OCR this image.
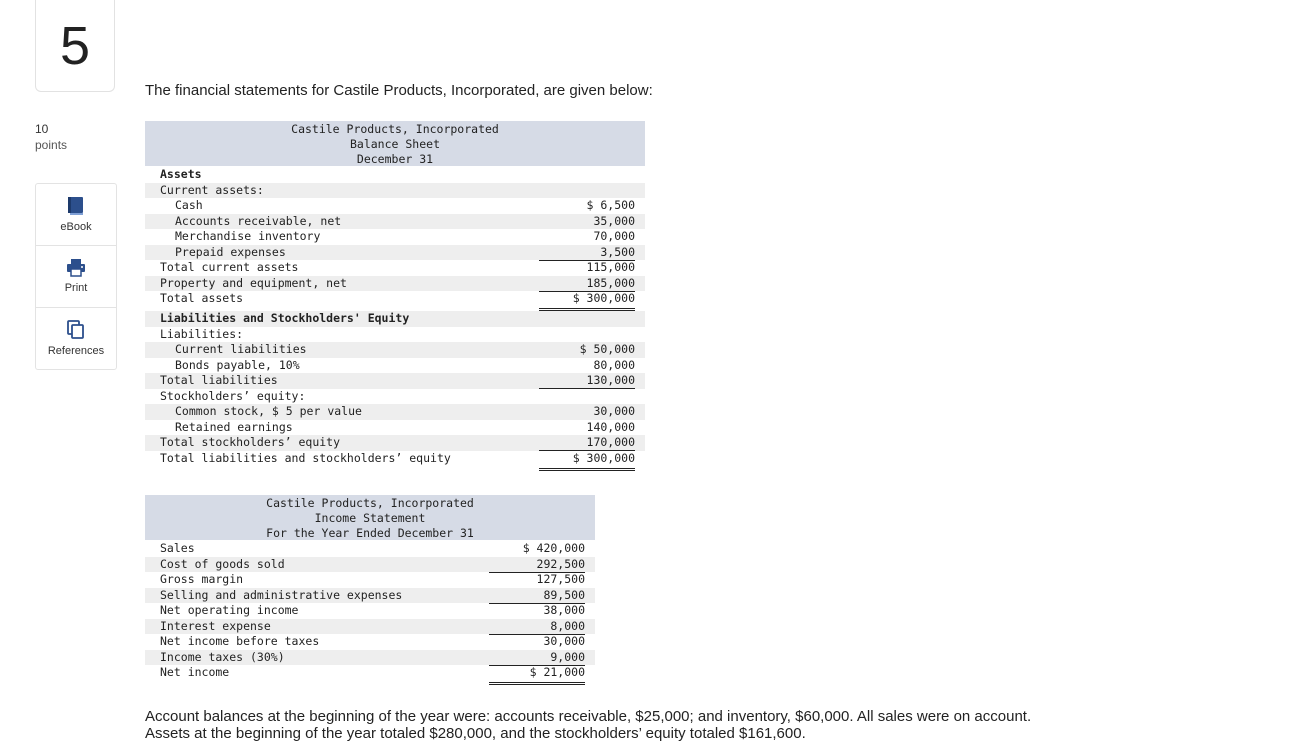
5
10
points
eBook
Print
References
The financial statements for Castile Products, Incorporated, are given below:
Castile Products, Incorporated
Balance Sheet
December 31
Assets
Current assets:
Cash	$ 6,500
Accounts receivable, net	35,000
Merchandise inventory	70,000
Prepaid expenses	3,500
Total current assets	115,000
Property and equipment, net	185,000
Total assets	$ 300,000
Liabilities and Stockholders' Equity
Liabilities:
Current liabilities	$ 50,000
Bonds payable, 10%	80,000
Total liabilities	130,000
Stockholders’ equity:
Common stock, $ 5 per value	30,000
Retained earnings	140,000
Total stockholders’ equity	170,000
Total liabilities and stockholders’ equity	$ 300,000
Castile Products, Incorporated
Income Statement
For the Year Ended December 31
Sales	$ 420,000
Cost of goods sold	292,500
Gross margin	127,500
Selling and administrative expenses	89,500
Net operating income	38,000
Interest expense	8,000
Net income before taxes	30,000
Income taxes (30%)	9,000
Net income	$ 21,000
Account balances at the beginning of the year were: accounts receivable, $25,000; and inventory, $60,000. All sales were on account.
Assets at the beginning of the year totaled $280,000, and the stockholders’ equity totaled $161,600.
